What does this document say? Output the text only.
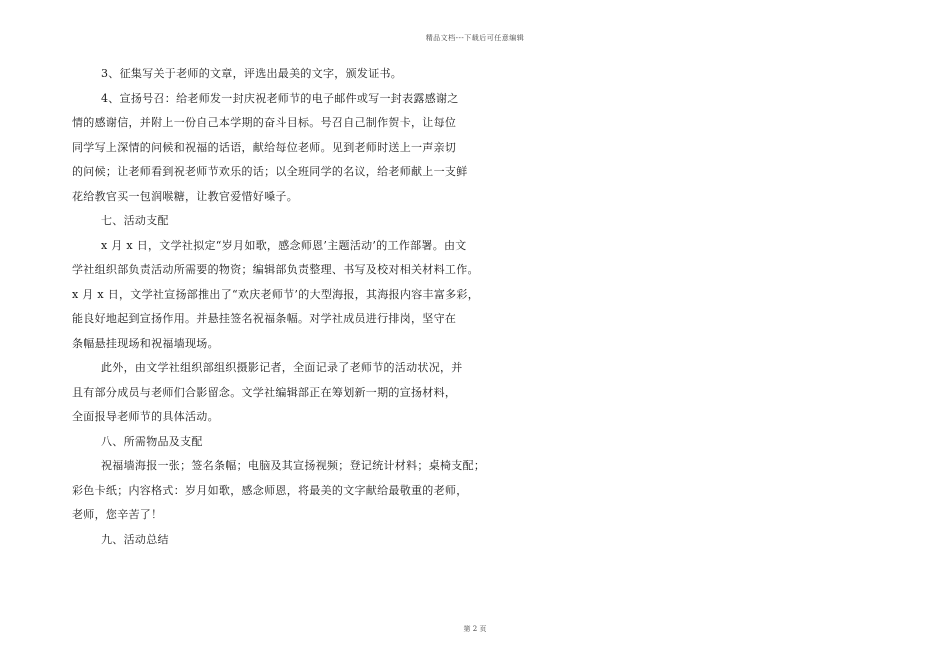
精品文档---下载后可任意编辑
3、征集写关于老师的文章，评选出最美的文字，颁发证书。
4、宣扬号召：给老师发一封庆祝老师节的电子邮件或写一封表露感谢之
情的感谢信，并附上一份自己本学期的奋斗目标。号召自己制作贺卡，让每位
同学写上深情的问候和祝福的话语，献给每位老师。见到老师时送上一声亲切
的问候；让老师看到祝老师节欢乐的话；以全班同学的名议，给老师献上一支鲜
花给教官买一包润喉糖，让教官爱惜好嗓子。
七、活动支配
x 月 x 日，文学社拟定“岁月如歌，感念师恩’主题活动’的工作部署。由文
学社组织部负责活动所需要的物资；编辑部负责整理、书写及校对相关材料工作。
x 月 x 日，文学社宣扬部推出了“欢庆老师节’的大型海报，其海报内容丰富多彩，
能良好地起到宣扬作用。并悬挂签名祝福条幅。对学社成员进行排岗，坚守在
条幅悬挂现场和祝福墙现场。
此外，由文学社组织部组织摄影记者，全面记录了老师节的活动状况，并
且有部分成员与老师们合影留念。文学社编辑部正在筹划新一期的宣扬材料，
全面报导老师节的具体活动。
八、所需物品及支配
祝福墙海报一张；签名条幅；电脑及其宣扬视频；登记统计材料；桌椅支配；
彩色卡纸；内容格式：岁月如歌，感念师恩，将最美的文字献给最敬重的老师，
老师，您辛苦了！
九、活动总结
第 2 页
